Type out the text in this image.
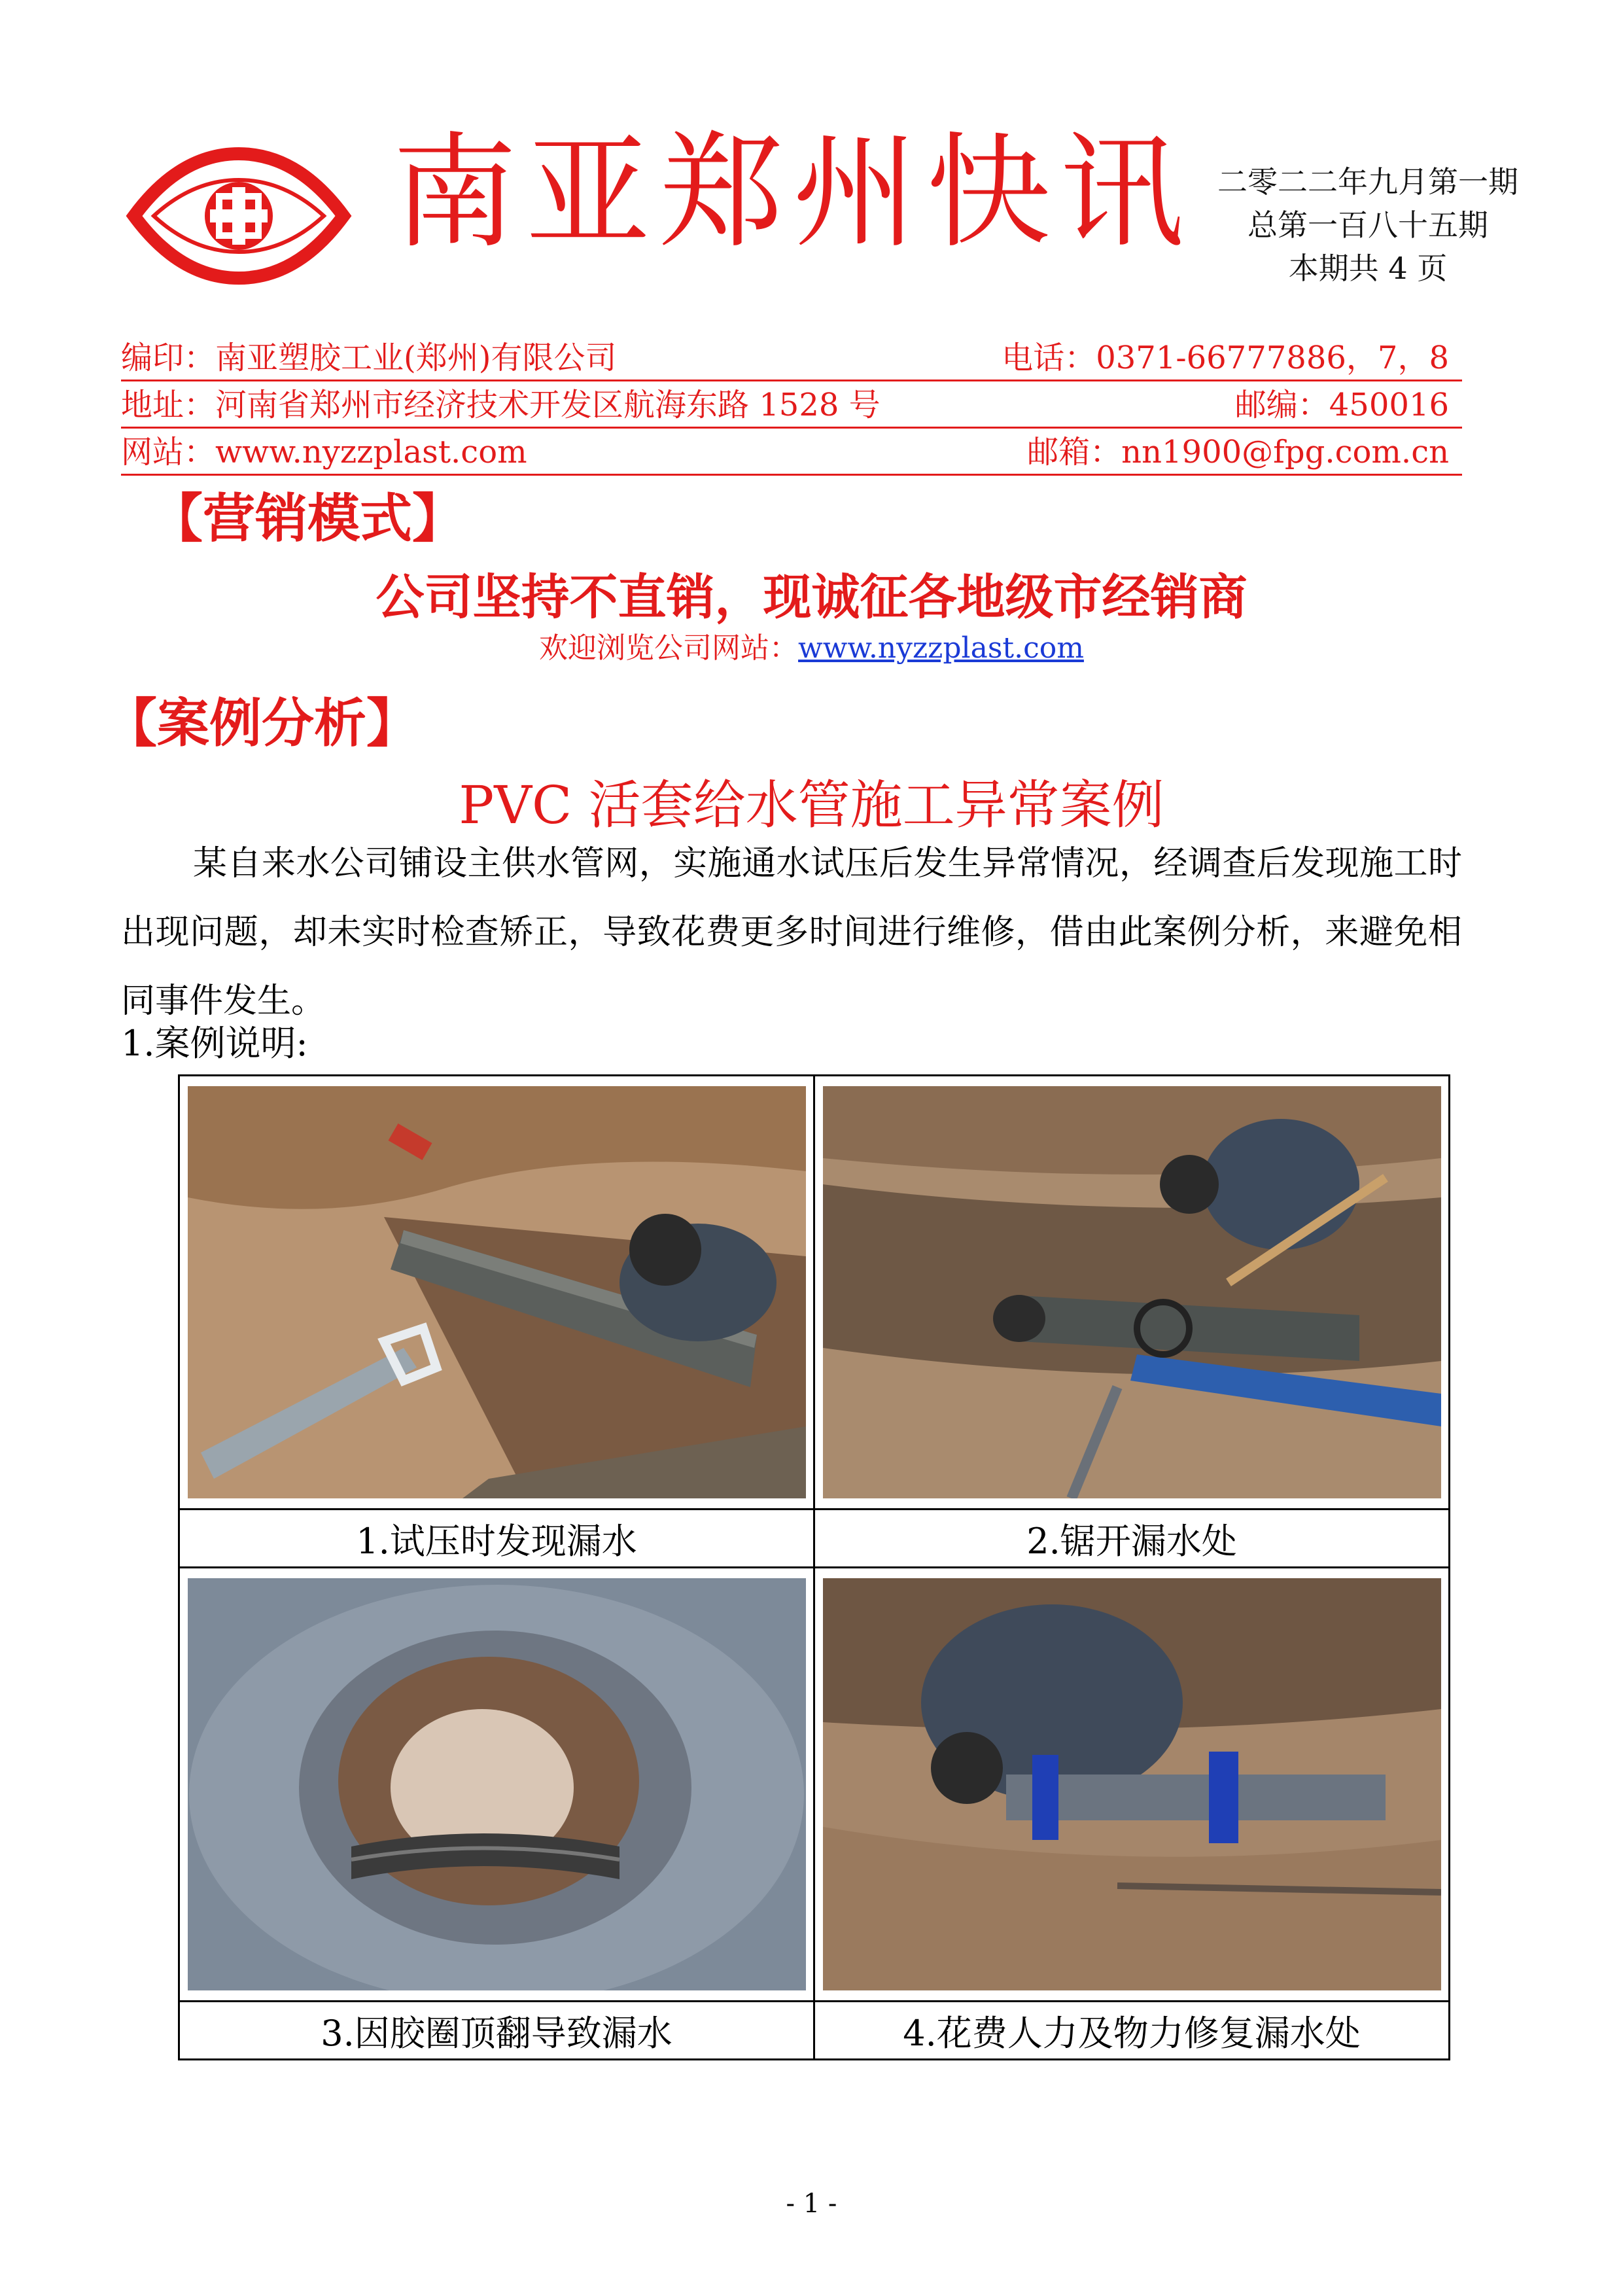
南亚郑州快讯 二零二二年九月第一期
总第一百八十五期
本期共 4 页
编印：南亚塑胶工业(郑州)有限公司	电话：0371-66777886，7，8
地址：河南省郑州市经济技术开发区航海东路 1528 号	邮编：450016
网站：www.nyzzplast.com	邮箱：nn1900@fpg.com.cn
【营销模式】
公司坚持不直销，现诚征各地级市经销商
欢迎浏览公司网站：www.nyzzplast.com
【案例分析】
PVC 活套给水管施工异常案例
某自来水公司铺设主供水管网，实施通水试压后发生异常情况，经调查后发现施工时出现问题，却未实时检查矫正，导致花费更多时间进行维修，借由此案例分析，来避免相同事件发生。
1.案例说明:

1.试压时发现漏水	2.锯开漏水处

3.因胶圈顶翻导致漏水	4.花费人力及物力修复漏水处
- 1 -
